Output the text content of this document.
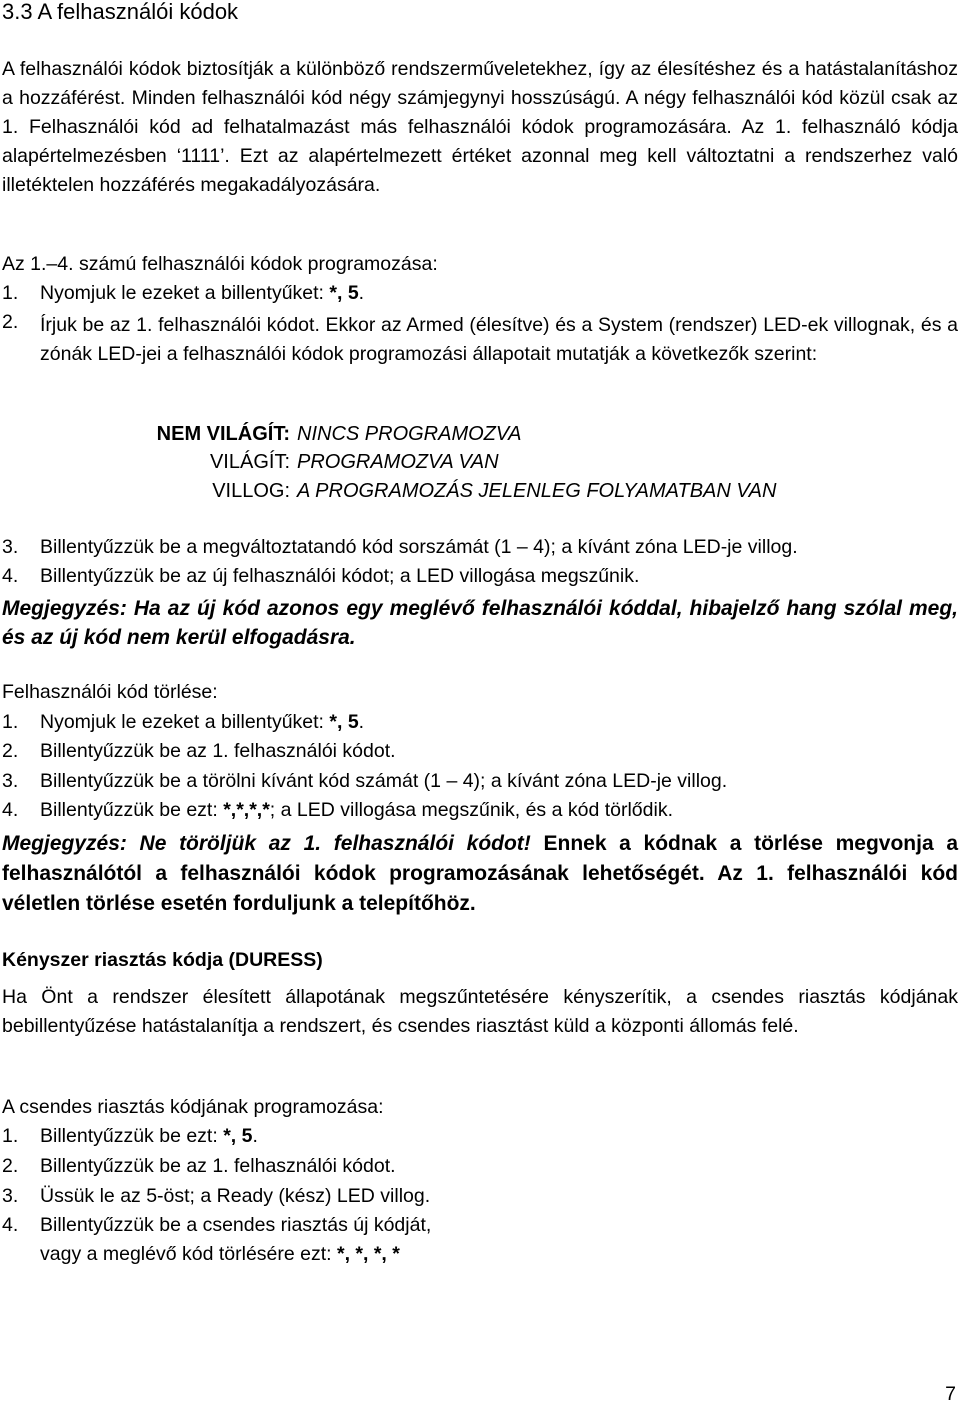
3.3 A felhasználói kódok

A felhasználói kódok biztosítják a különböző rendszerműveletekhez, így az élesítéshez és a hatástalanításhoz a hozzáférést. Minden felhasználói kód négy számjegynyi hosszúságú. A négy felhasználói kód közül csak az 1. Felhasználói kód ad felhatalmazást más felhasználói kódok programozására. Az 1. felhasználó kódja alapértelmezésben ‘1111’. Ezt az alapértelmezett értéket azonnal meg kell változtatni a rendszerhez való illetéktelen hozzáférés megakadályozására.

Az 1.–4. számú felhasználói kódok programozása:
1. Nyomjuk le ezeket a billentyűket: *, 5.
2. Írjuk be az 1. felhasználói kódot. Ekkor az Armed (élesítve) és a System (rendszer) LED-ek villognak, és a zónák LED-jei a felhasználói kódok programozási állapotait mutatják a következők szerint:

NEM VILÁGÍT: NINCS PROGRAMOZVA
VILÁGÍT: PROGRAMOZVA VAN
VILLOG: A PROGRAMOZÁS JELENLEG FOLYAMATBAN VAN
3. Billentyűzzük be a megváltoztatandó kód sorszámát (1 – 4); a kívánt zóna LED-je villog.
4. Billentyűzzük be az új felhasználói kódot; a LED villogása megszűnik.

Megjegyzés: Ha az új kód azonos egy meglévő felhasználói kóddal, hibajelző hang szólal meg, és az új kód nem kerül elfogadásra.

Felhasználói kód törlése:
1. Nyomjuk le ezeket a billentyűket: *, 5.
2. Billentyűzzük be az 1. felhasználói kódot.
3. Billentyűzzük be a törölni kívánt kód számát (1 – 4); a kívánt zóna LED-je villog.
4. Billentyűzzük be ezt: *,*,*,*; a LED villogása megszűnik, és a kód törlődik.

Megjegyzés: Ne töröljük az 1. felhasználói kódot! Ennek a kódnak a törlése megvonja a felhasználótól a felhasználói kódok programozásának lehetőségét. Az 1. felhasználói kód véletlen törlése esetén forduljunk a telepítőhöz.

Kényszer riasztás kódja (DURESS)

Ha Önt a rendszer élesített állapotának megszűntetésére kényszerítik, a csendes riasztás kódjának bebillentyűzése hatástalanítja a rendszert, és csendes riasztást küld a központi állomás felé.

A csendes riasztás kódjának programozása:
1. Billentyűzzük be ezt: *, 5.
2. Billentyűzzük be az 1. felhasználói kódot.
3. Üssük le az 5-öst; a Ready (kész) LED villog.
4. Billentyűzzük be a csendes riasztás új kódját,
vagy a meglévő kód törlésére ezt: *, *, *, *
7
